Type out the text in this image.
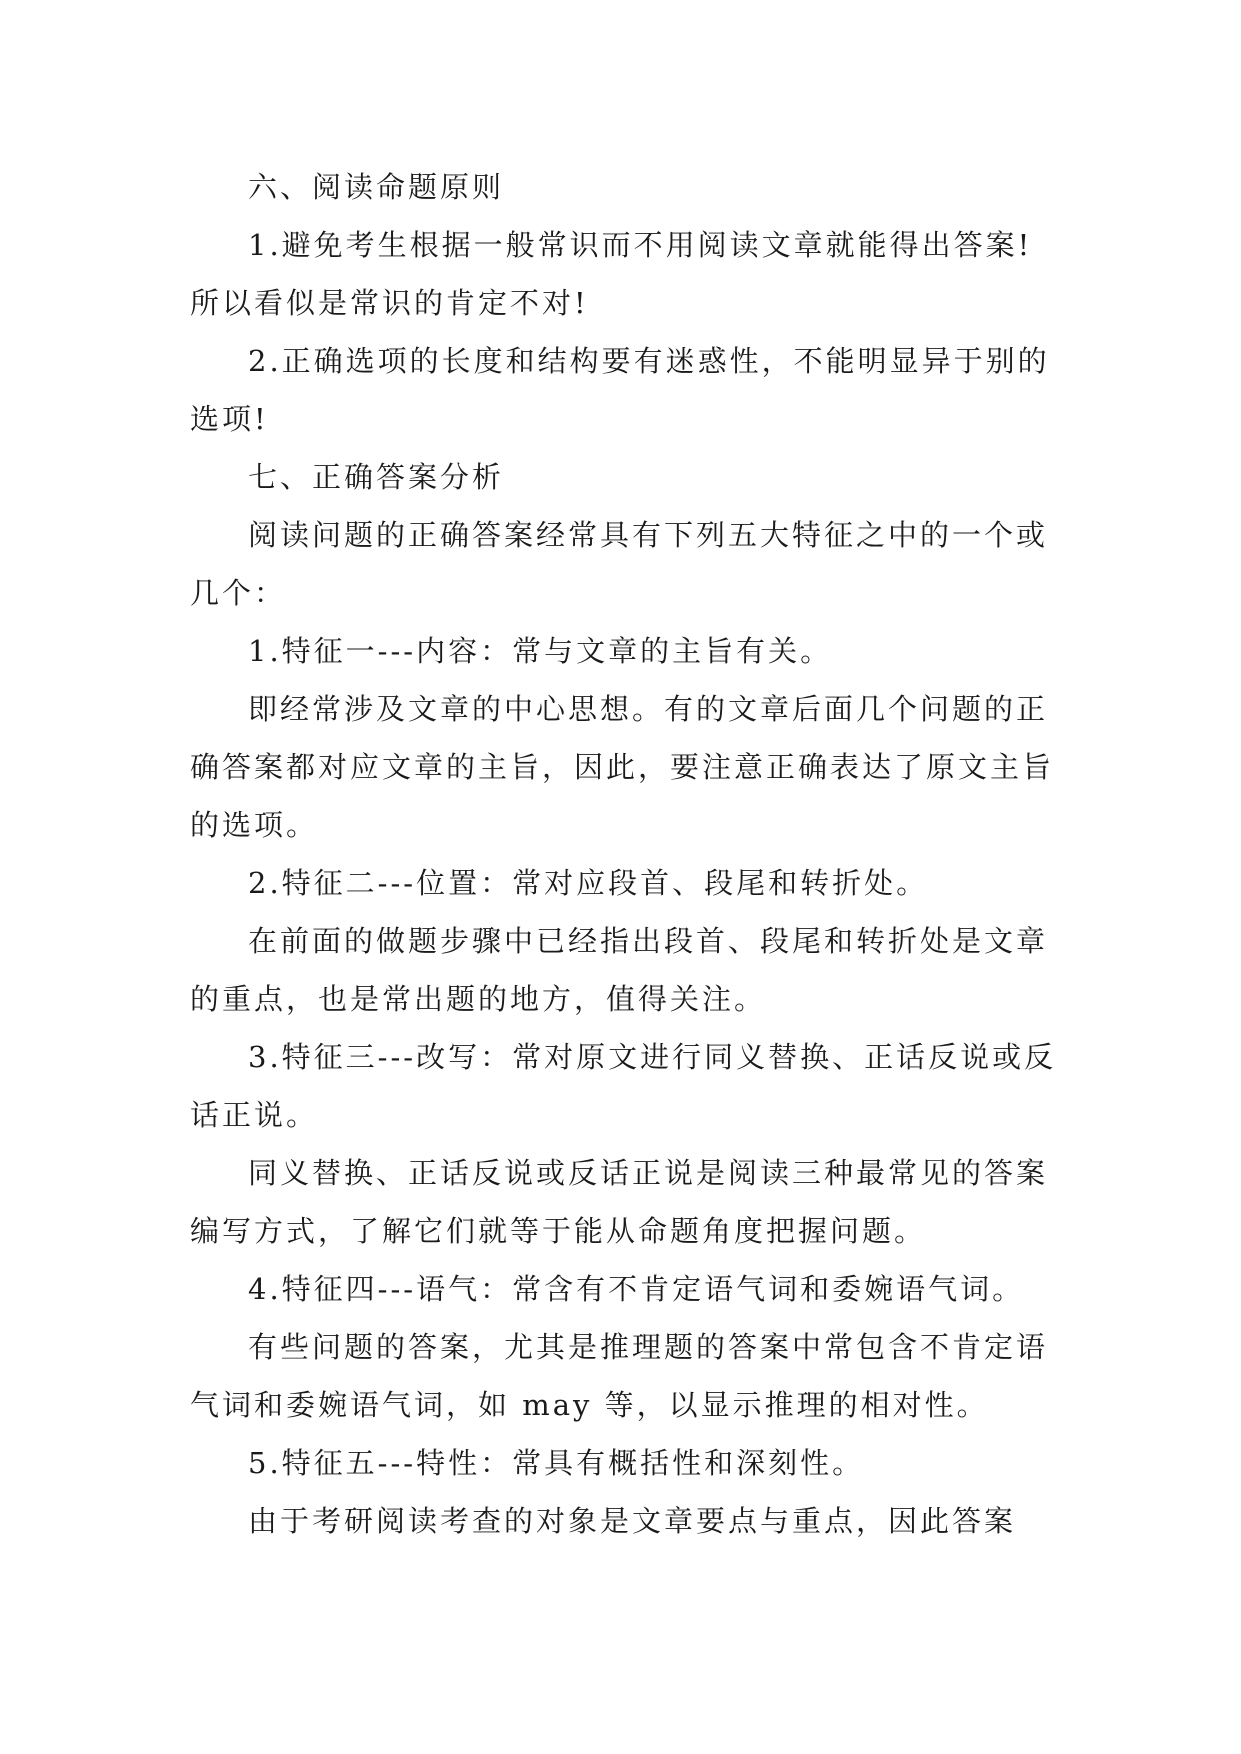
六、阅读命题原则

1.避免考生根据一般常识而不用阅读文章就能得出答案!所以看似是常识的肯定不对!

2.正确选项的长度和结构要有迷惑性，不能明显异于别的选项!

七、正确答案分析

阅读问题的正确答案经常具有下列五大特征之中的一个或几个：

1.特征一---内容：常与文章的主旨有关。

即经常涉及文章的中心思想。有的文章后面几个问题的正确答案都对应文章的主旨，因此，要注意正确表达了原文主旨的选项。

2.特征二---位置：常对应段首、段尾和转折处。

在前面的做题步骤中已经指出段首、段尾和转折处是文章的重点，也是常出题的地方，值得关注。

3.特征三---改写：常对原文进行同义替换、正话反说或反话正说。

同义替换、正话反说或反话正说是阅读三种最常见的答案编写方式，了解它们就等于能从命题角度把握问题。

4.特征四---语气：常含有不肯定语气词和委婉语气词。

有些问题的答案，尤其是推理题的答案中常包含不肯定语气词和委婉语气词，如 may 等，以显示推理的相对性。

5.特征五---特性：常具有概括性和深刻性。

由于考研阅读考查的对象是文章要点与重点，因此答案
